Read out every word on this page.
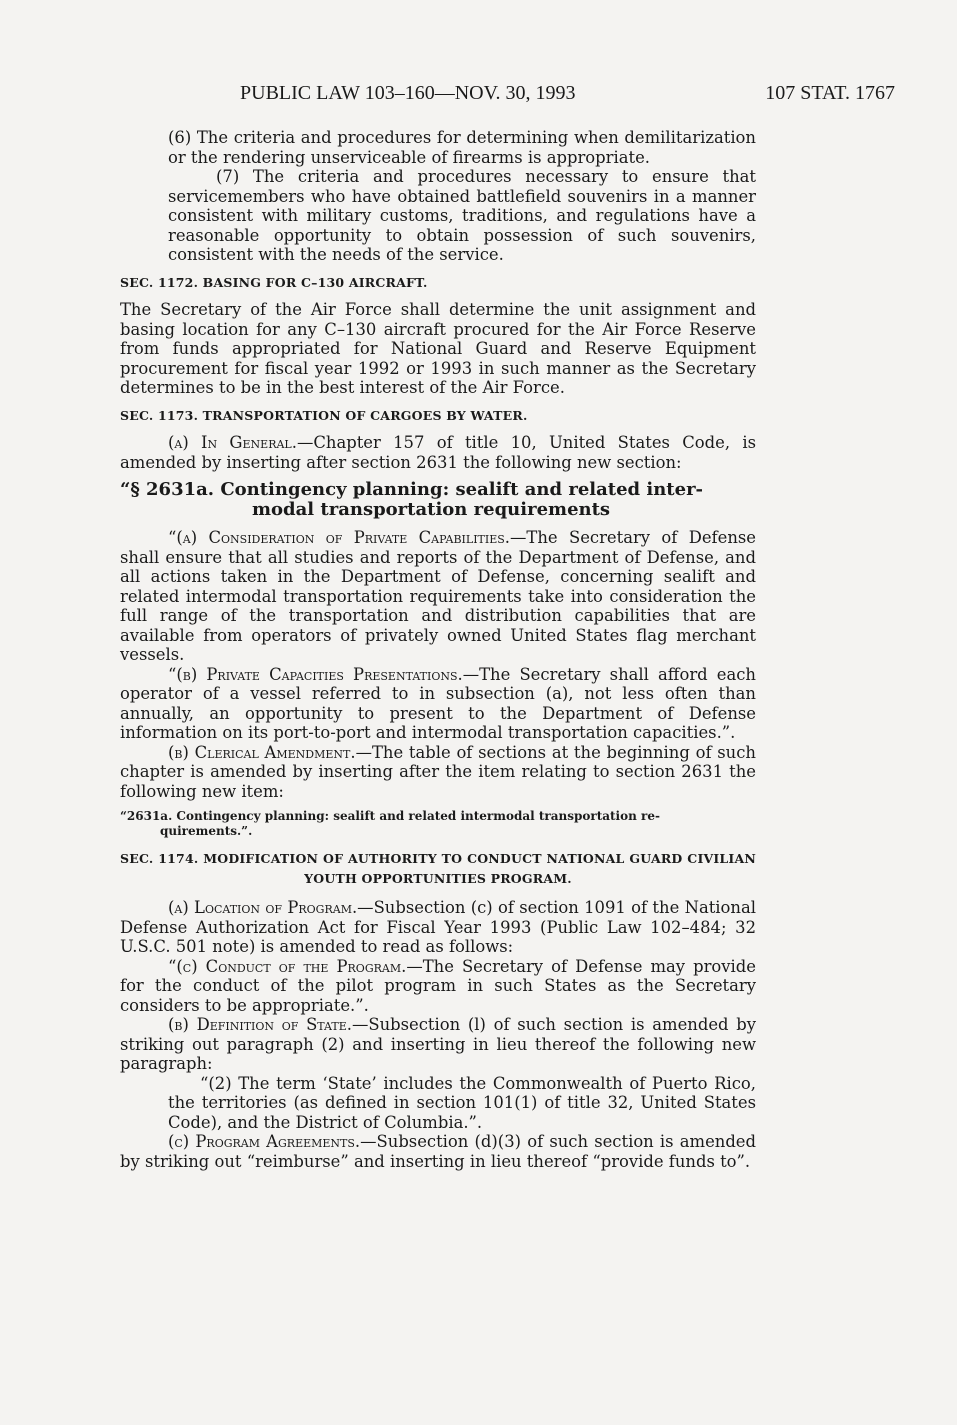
PUBLIC LAW 103–160—NOV. 30, 1993	107 STAT. 1767

(6) The criteria and procedures for determining when demilitarization or the rendering unserviceable of firearms is appropriate.

(7) The criteria and procedures necessary to ensure that servicemembers who have obtained battlefield souvenirs in a manner consistent with military customs, traditions, and regulations have a reasonable opportunity to obtain possession of such souvenirs, consistent with the needs of the service.

SEC. 1172. BASING FOR C–130 AIRCRAFT.

The Secretary of the Air Force shall determine the unit assignment and basing location for any C–130 aircraft procured for the Air Force Reserve from funds appropriated for National Guard and Reserve Equipment procurement for fiscal year 1992 or 1993 in such manner as the Secretary determines to be in the best interest of the Air Force.

SEC. 1173. TRANSPORTATION OF CARGOES BY WATER.

(a) In General.—Chapter 157 of title 10, United States Code, is amended by inserting after section 2631 the following new section:

“§ 2631a. Contingency planning: sealift and related inter-
modal transportation requirements

“(a) Consideration of Private Capabilities.—The Secretary of Defense shall ensure that all studies and reports of the Department of Defense, and all actions taken in the Department of Defense, concerning sealift and related intermodal transportation requirements take into consideration the full range of the transportation and distribution capabilities that are available from operators of privately owned United States flag merchant vessels.

“(b) Private Capacities Presentations.—The Secretary shall afford each operator of a vessel referred to in subsection (a), not less often than annually, an opportunity to present to the Department of Defense information on its port-to-port and intermodal transportation capacities.”.

(b) Clerical Amendment.—The table of sections at the beginning of such chapter is amended by inserting after the item relating to section 2631 the following new item:

“2631a. Contingency planning: sealift and related intermodal transportation re-
quirements.”.
SEC. 1174. MODIFICATION OF AUTHORITY TO CONDUCT NATIONAL GUARD CIVILIAN YOUTH OPPORTUNITIES PROGRAM.

(a) Location of Program.—Subsection (c) of section 1091 of the National Defense Authorization Act for Fiscal Year 1993 (Public Law 102–484; 32 U.S.C. 501 note) is amended to read as follows:

“(c) Conduct of the Program.—The Secretary of Defense may provide for the conduct of the pilot program in such States as the Secretary considers to be appropriate.”.

(b) Definition of State.—Subsection (l) of such section is amended by striking out paragraph (2) and inserting in lieu thereof the following new paragraph:

“(2) The term ‘State’ includes the Commonwealth of Puerto Rico, the territories (as defined in section 101(1) of title 32, United States Code), and the District of Columbia.”.

(c) Program Agreements.—Subsection (d)(3) of such section is amended by striking out “reimburse” and inserting in lieu thereof “provide funds to”.
